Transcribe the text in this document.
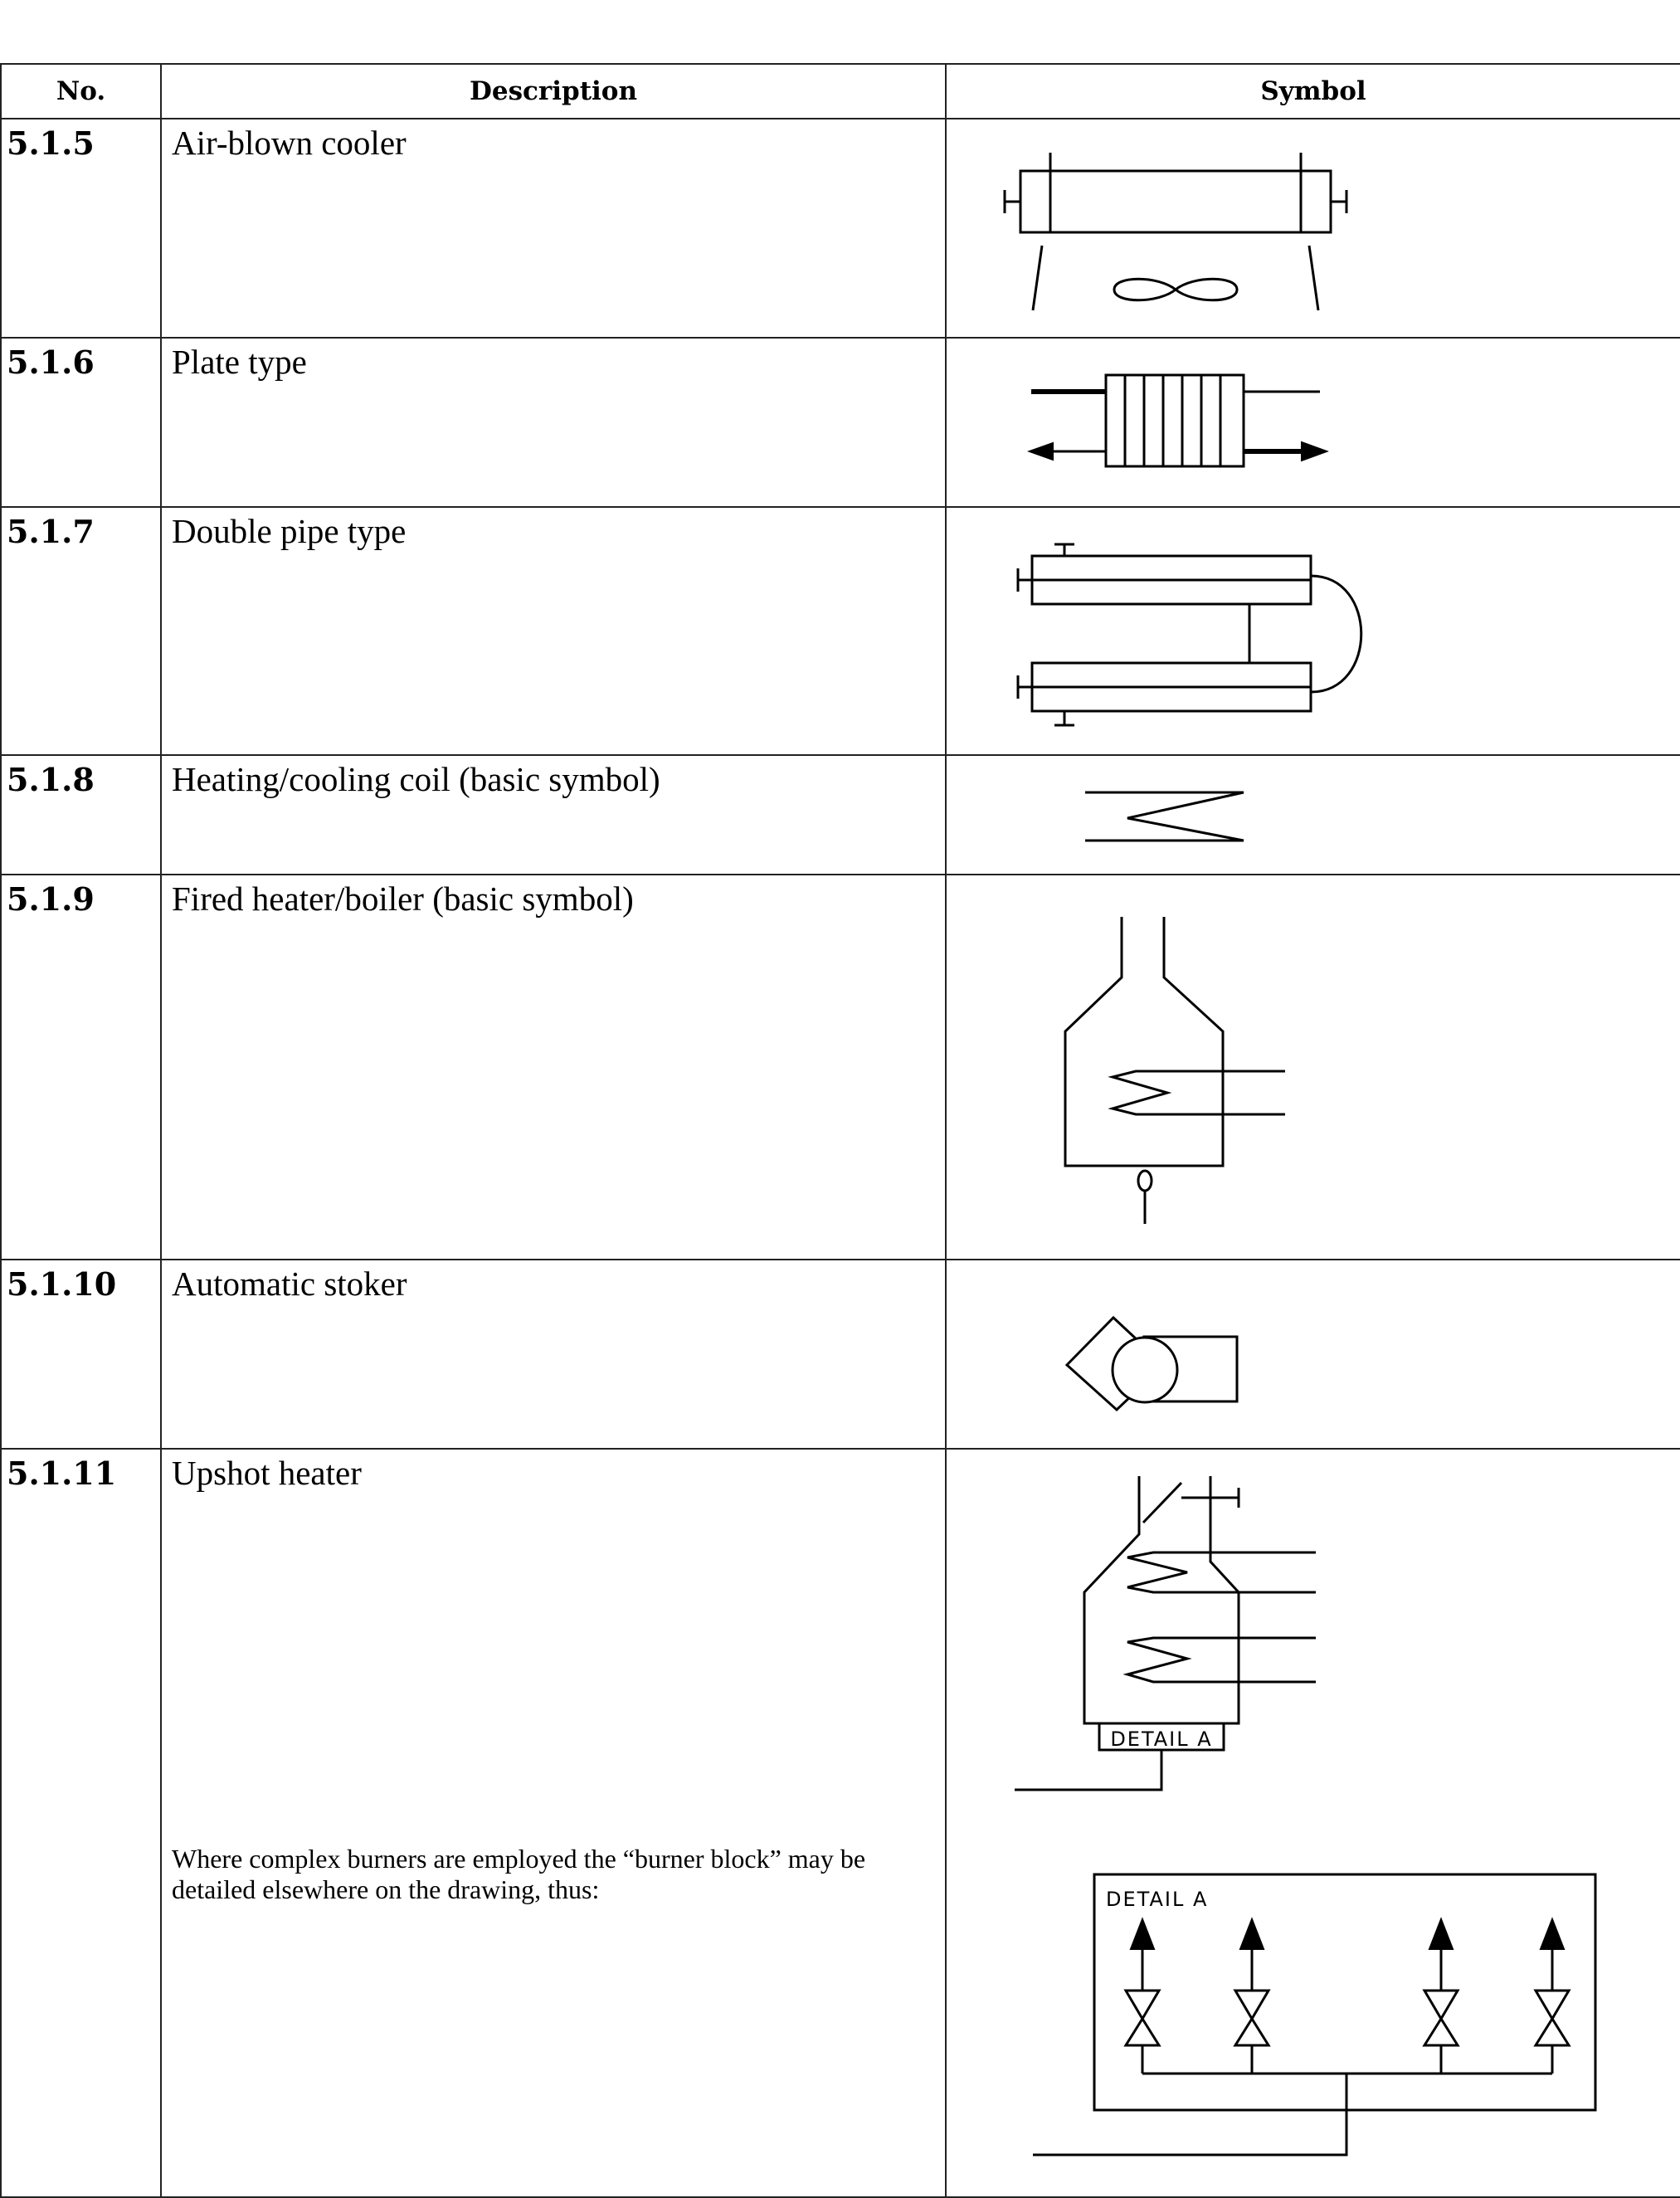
No.	Description	Symbol
5.1.5	Air-blown cooler	

5.1.6	Plate type	

5.1.7	Double pipe type	

5.1.8	Heating/cooling coil (basic symbol)	

5.1.9	Fired heater/boiler (basic symbol)	

5.1.10	Automatic stoker	

5.1.11	Upshot heater
Where complex burners are employed the “burner block” may be detailed elsewhere on the drawing, thus:	DETAIL A
DETAIL A
